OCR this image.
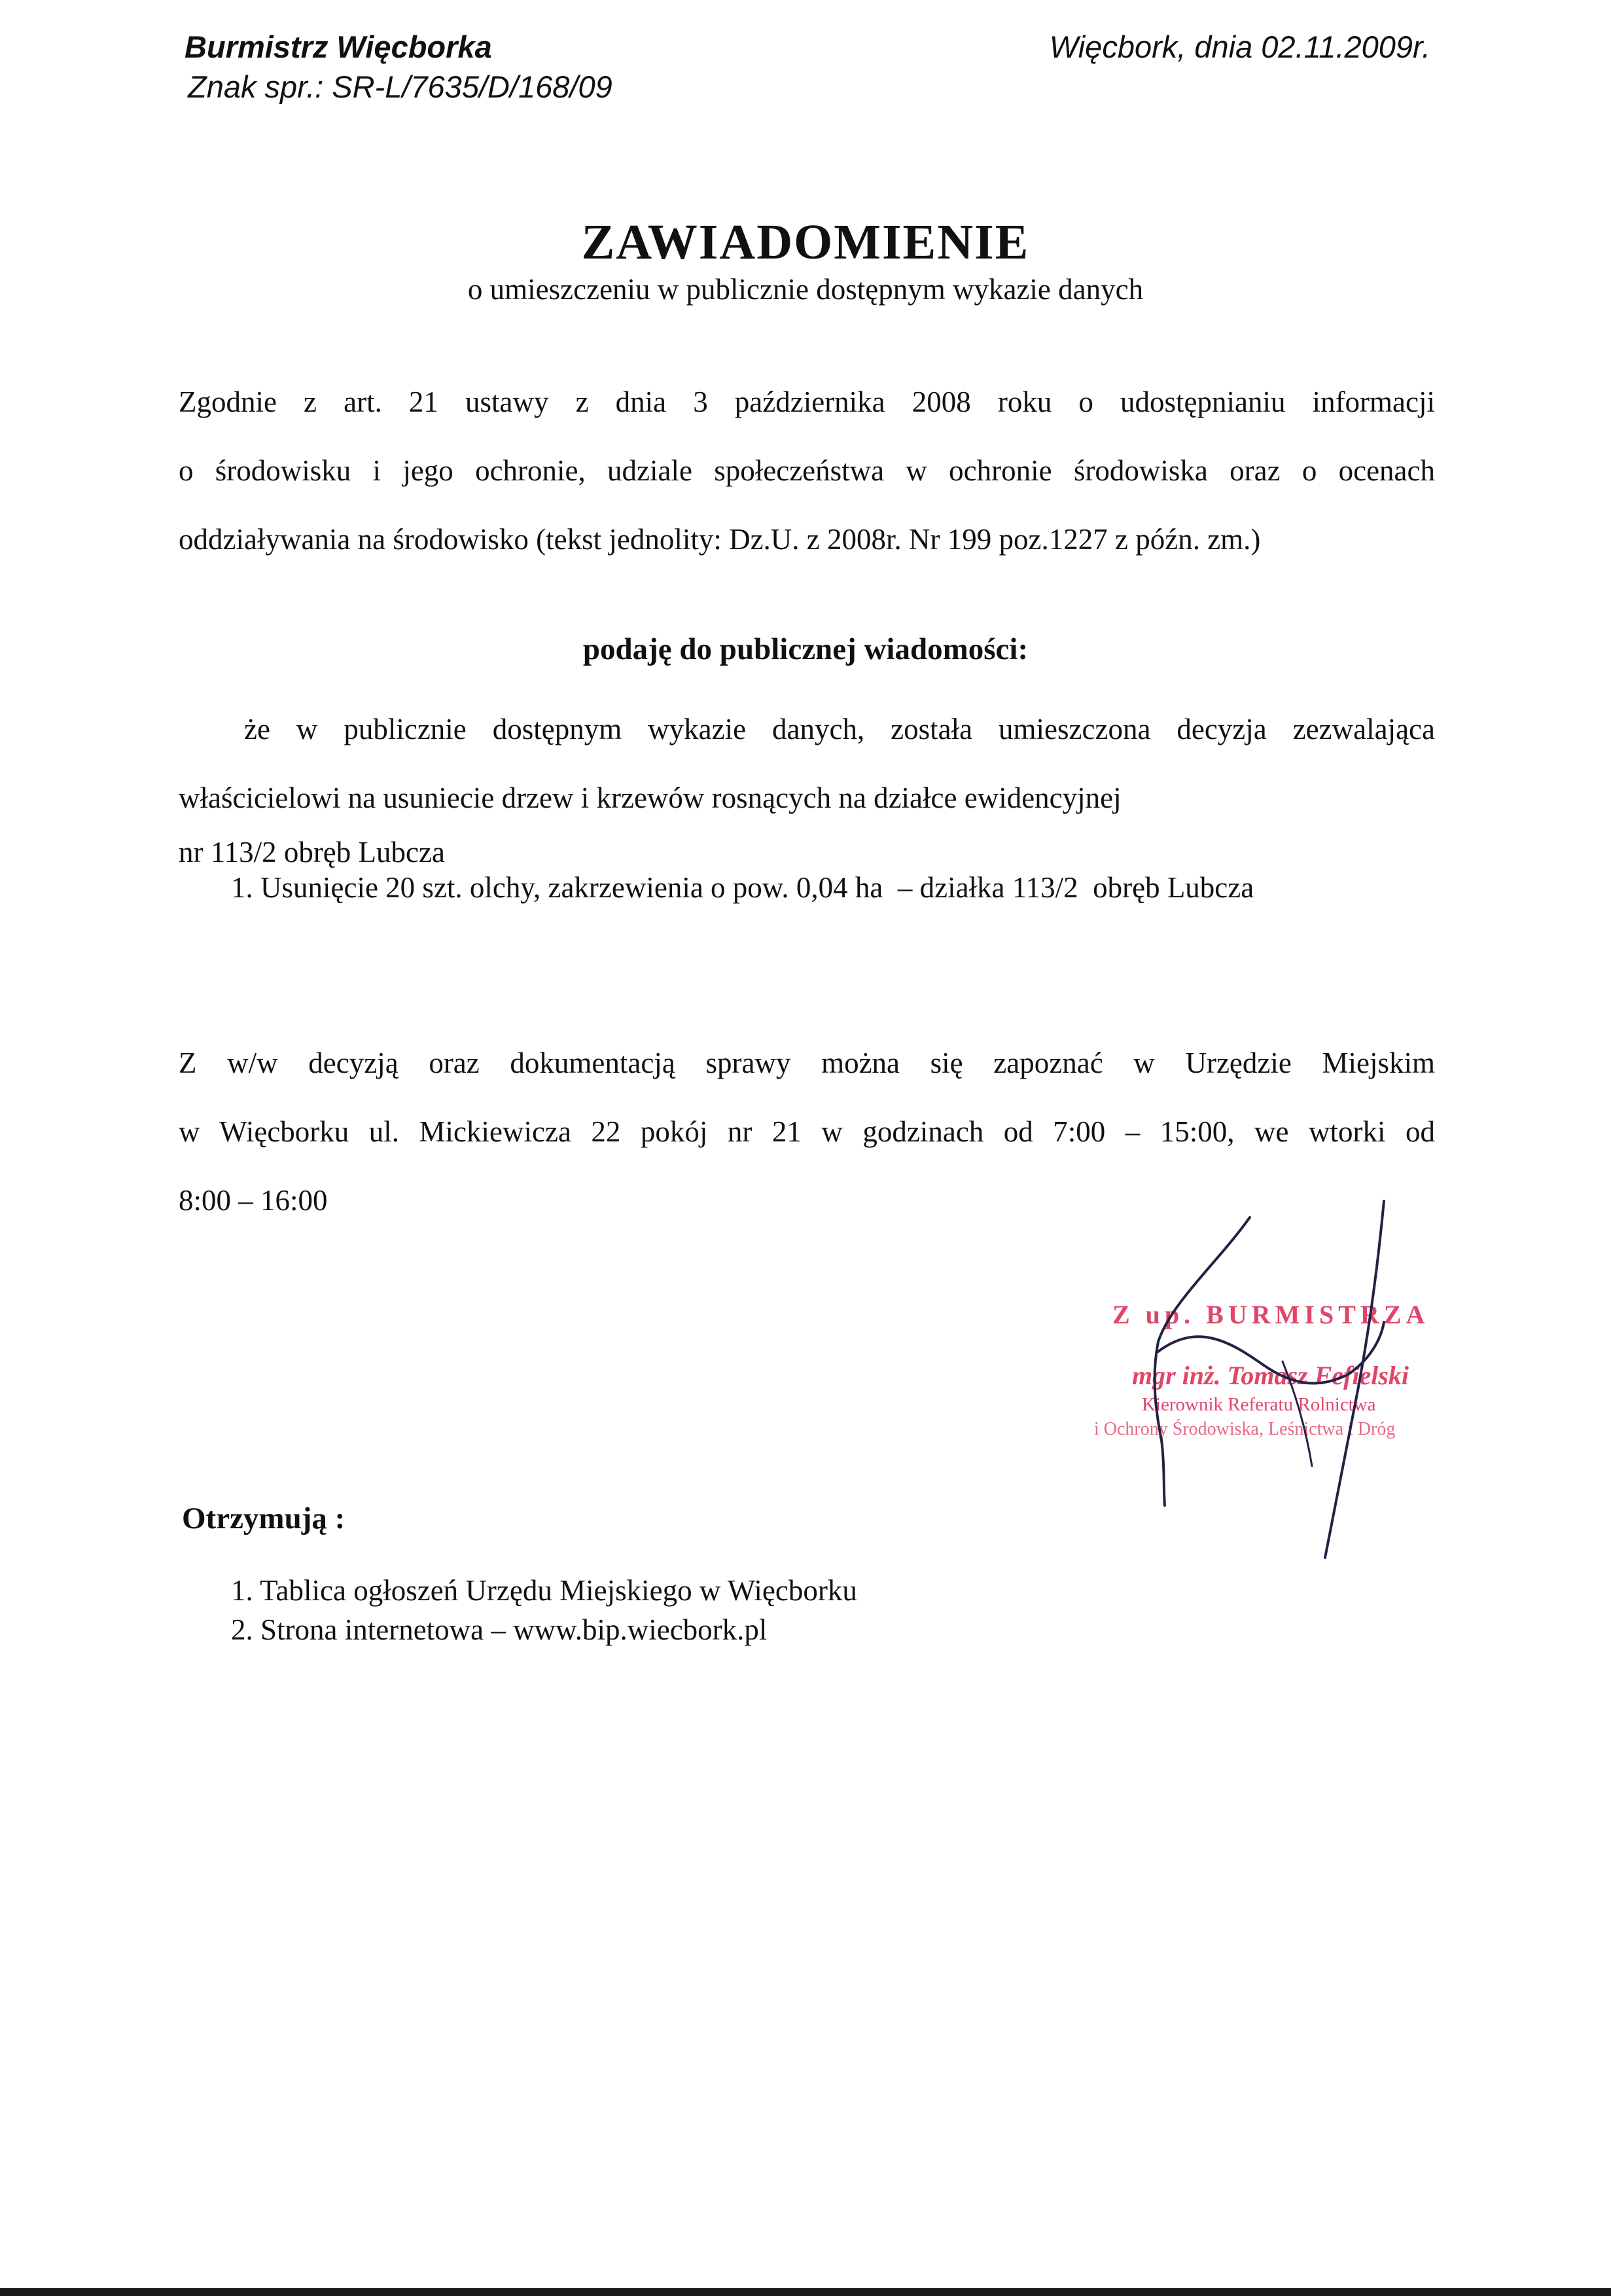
Burmistrz Więcborka
Znak spr.: SR-L/7635/D/168/09
Więcbork, dnia 02.11.2009r.
ZAWIADOMIENIE
o umieszczeniu w publicznie dostępnym wykazie danych
Zgodnie z art. 21 ustawy z dnia 3 października 2008 roku o udostępnianiu informacji
o środowisku i jego ochronie, udziale społeczeństwa w ochronie środowiska oraz o ocenach
oddziaływania na środowisko (tekst jednolity: Dz.U. z 2008r. Nr 199 poz.1227 z późn. zm.)
podaję do publicznej wiadomości:
że w publicznie dostępnym wykazie danych, została umieszczona decyzja zezwalająca
właścicielowi na usuniecie drzew i krzewów rosnących na działce ewidencyjnej
nr 113/2 obręb Lubcza
1. Usunięcie 20 szt. olchy, zakrzewienia o pow. 0,04 ha  – działka 113/2  obręb Lubcza
Z w/w decyzją oraz dokumentacją sprawy można się zapoznać w Urzędzie Miejskim
w Więcborku ul. Mickiewicza 22 pokój nr 21 w godzinach od 7:00 – 15:00, we wtorki od
8:00 – 16:00
Z up. BURMISTRZA
mgr inż. Tomasz Fefielski
Kierownik Referatu Rolnictwa
i Ochrony Środowiska, Leśnictwa i Dróg
Otrzymują :
1. Tablica ogłoszeń Urzędu Miejskiego w Więcborku
2. Strona internetowa – www.bip.wiecbork.pl
